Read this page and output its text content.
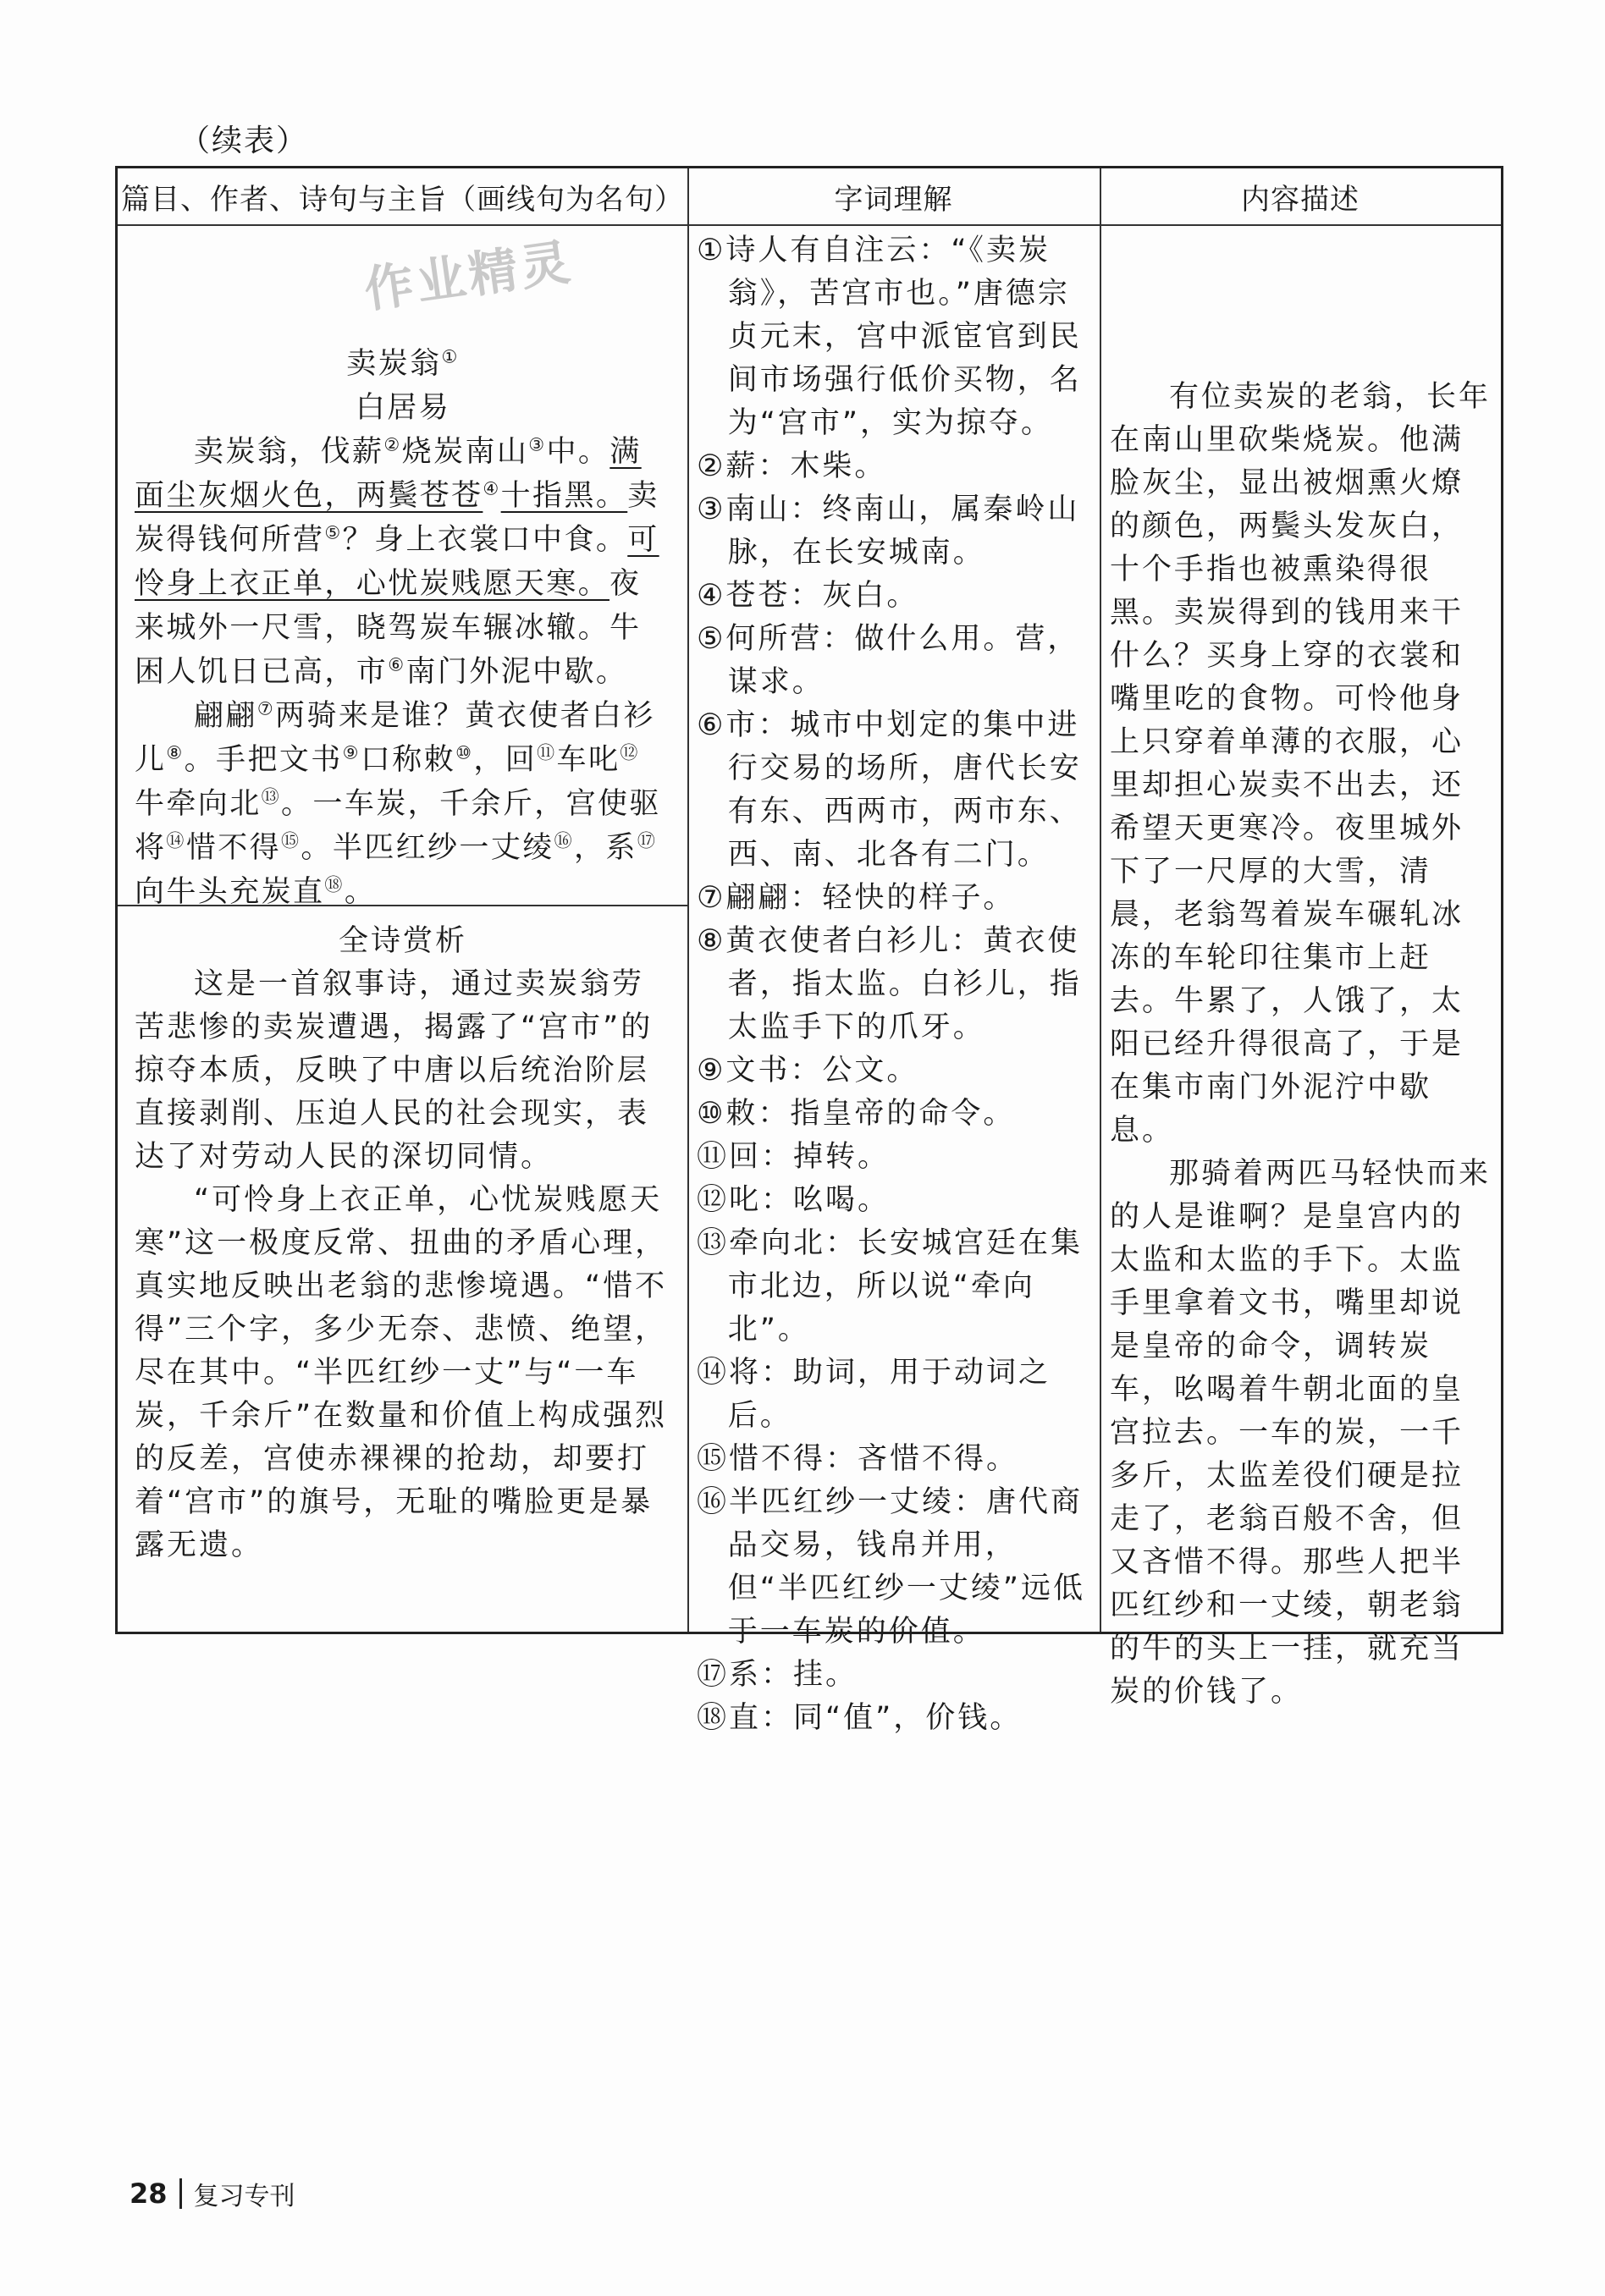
（续表）
篇目、作者、诗句与主旨（画线句为名句）	字词理解	内容描述
作业精灵

卖炭翁①

白居易

卖炭翁，伐薪②烧炭南山③中。满面尘灰烟火色，两鬓苍苍④十指黑。卖炭得钱何所营⑤？身上衣裳口中食。可怜身上衣正单，心忧炭贱愿天寒。夜来城外一尺雪，晓驾炭车辗冰辙。牛困人饥日已高，市⑥南门外泥中歇。

翩翩⑦两骑来是谁？黄衣使者白衫儿⑧。手把文书⑨口称敕⑩，回⑪车叱⑫牛牵向北⑬。一车炭，千余斤，宫使驱将⑭惜不得⑮。半匹红纱一丈绫⑯，系⑰向牛头充炭直⑱。

全诗赏析

这是一首叙事诗，通过卖炭翁劳苦悲惨的卖炭遭遇，揭露了“宫市”的掠夺本质，反映了中唐以后统治阶层直接剥削、压迫人民的社会现实，表达了对劳动人民的深切同情。

“可怜身上衣正单，心忧炭贱愿天寒”这一极度反常、扭曲的矛盾心理，真实地反映出老翁的悲惨境遇。“惜不得”三个字，多少无奈、悲愤、绝望，尽在其中。“半匹红纱一丈”与“一车炭，千余斤”在数量和价值上构成强烈的反差，宫使赤裸裸的抢劫，却要打着“宫市”的旗号，无耻的嘴脸更是暴露无遗。

①诗人有自注云：“《卖炭翁》，苦宫市也。”唐德宗贞元末，宫中派宦官到民间市场强行低价买物，名为“宫市”，实为掠夺。

②薪：木柴。

③南山：终南山，属秦岭山脉，在长安城南。

④苍苍：灰白。

⑤何所营：做什么用。营，谋求。

⑥市：城市中划定的集中进行交易的场所，唐代长安有东、西两市，两市东、西、南、北各有二门。

⑦翩翩：轻快的样子。

⑧黄衣使者白衫儿：黄衣使者，指太监。白衫儿，指太监手下的爪牙。

⑨文书：公文。

⑩敕：指皇帝的命令。

⑪回：掉转。

⑫叱：吆喝。

⑬牵向北：长安城宫廷在集市北边，所以说“牵向北”。

⑭将：助词，用于动词之后。

⑮惜不得：吝惜不得。

⑯半匹红纱一丈绫：唐代商品交易，钱帛并用，但“半匹红纱一丈绫”远低于一车炭的价值。

⑰系：挂。

⑱直：同“值”，价钱。

有位卖炭的老翁，长年在南山里砍柴烧炭。他满脸灰尘，显出被烟熏火燎的颜色，两鬓头发灰白，十个手指也被熏染得很黑。卖炭得到的钱用来干什么？买身上穿的衣裳和嘴里吃的食物。可怜他身上只穿着单薄的衣服，心里却担心炭卖不出去，还希望天更寒冷。夜里城外下了一尺厚的大雪，清晨，老翁驾着炭车碾轧冰冻的车轮印往集市上赶去。牛累了，人饿了，太阳已经升得很高了，于是在集市南门外泥泞中歇息。

那骑着两匹马轻快而来的人是谁啊？是皇宫内的太监和太监的手下。太监手里拿着文书，嘴里却说是皇帝的命令，调转炭车，吆喝着牛朝北面的皇宫拉去。一车的炭，一千多斤，太监差役们硬是拉走了，老翁百般不舍，但又吝惜不得。那些人把半匹红纱和一丈绫，朝老翁的牛的头上一挂，就充当炭的价钱了。

28 复习专刊
